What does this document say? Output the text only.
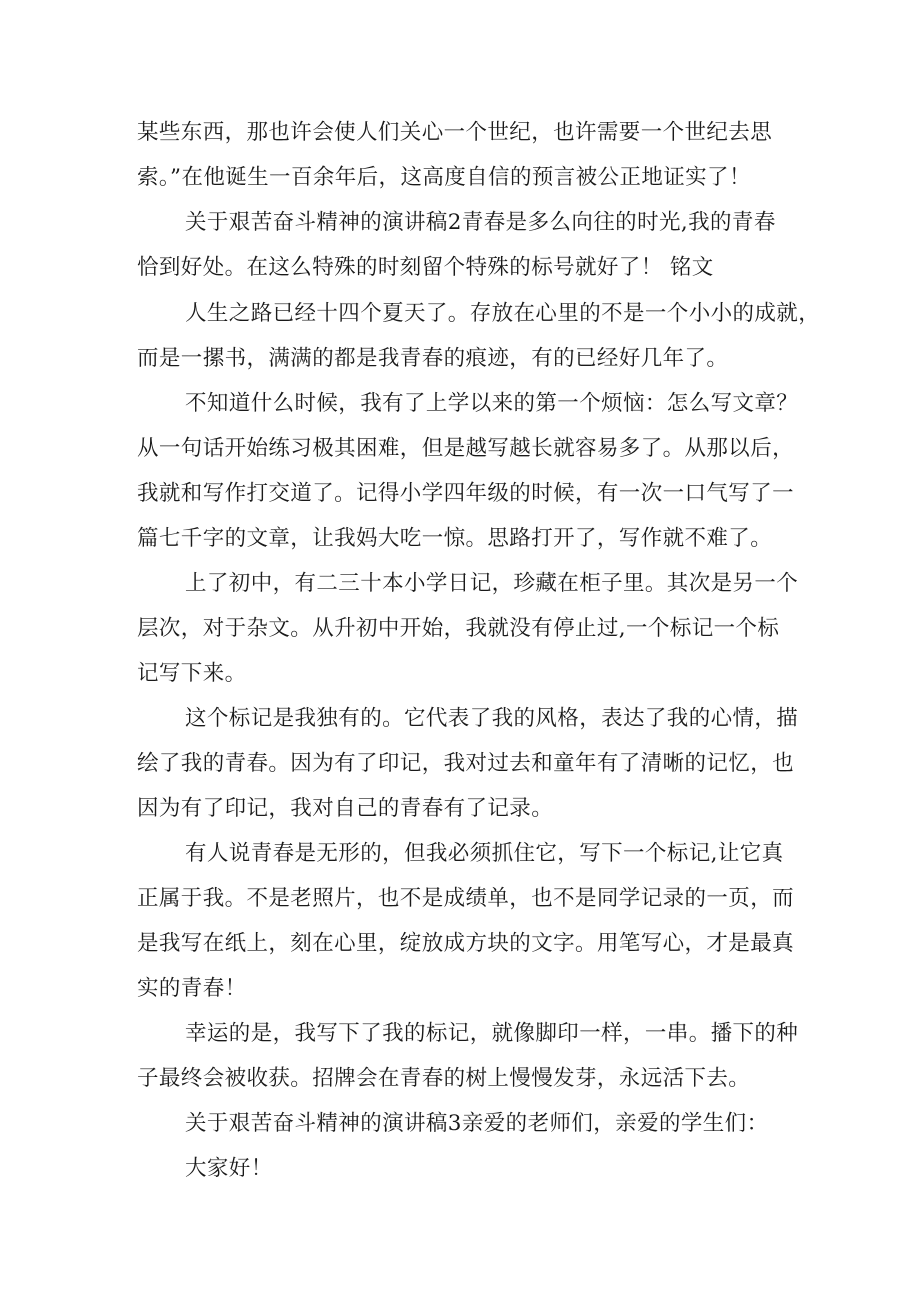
某些东西，那也许会使人们关心一个世纪，也许需要一个世纪去思
索。”在他诞生一百余年后，这高度自信的预言被公正地证实了！
关于艰苦奋斗精神的演讲稿2青春是多么向往的时光,我的青春
恰到好处。在这么特殊的时刻留个特殊的标号就好了！ 铭文
人生之路已经十四个夏天了。存放在心里的不是一个小小的成就，
而是一摞书，满满的都是我青春的痕迹，有的已经好几年了。
不知道什么时候，我有了上学以来的第一个烦恼：怎么写文章？
从一句话开始练习极其困难，但是越写越长就容易多了。从那以后，
我就和写作打交道了。记得小学四年级的时候，有一次一口气写了一
篇七千字的文章，让我妈大吃一惊。思路打开了，写作就不难了。
上了初中，有二三十本小学日记，珍藏在柜子里。其次是另一个
层次，对于杂文。从升初中开始，我就没有停止过,一个标记一个标
记写下来。
这个标记是我独有的。它代表了我的风格，表达了我的心情，描
绘了我的青春。因为有了印记，我对过去和童年有了清晰的记忆，也
因为有了印记，我对自己的青春有了记录。
有人说青春是无形的，但我必须抓住它，写下一个标记,让它真
正属于我。不是老照片，也不是成绩单，也不是同学记录的一页，而
是我写在纸上，刻在心里，绽放成方块的文字。用笔写心，才是最真
实的青春！
幸运的是，我写下了我的标记，就像脚印一样，一串。播下的种
子最终会被收获。招牌会在青春的树上慢慢发芽，永远活下去。
关于艰苦奋斗精神的演讲稿3亲爱的老师们，亲爱的学生们：
大家好！
